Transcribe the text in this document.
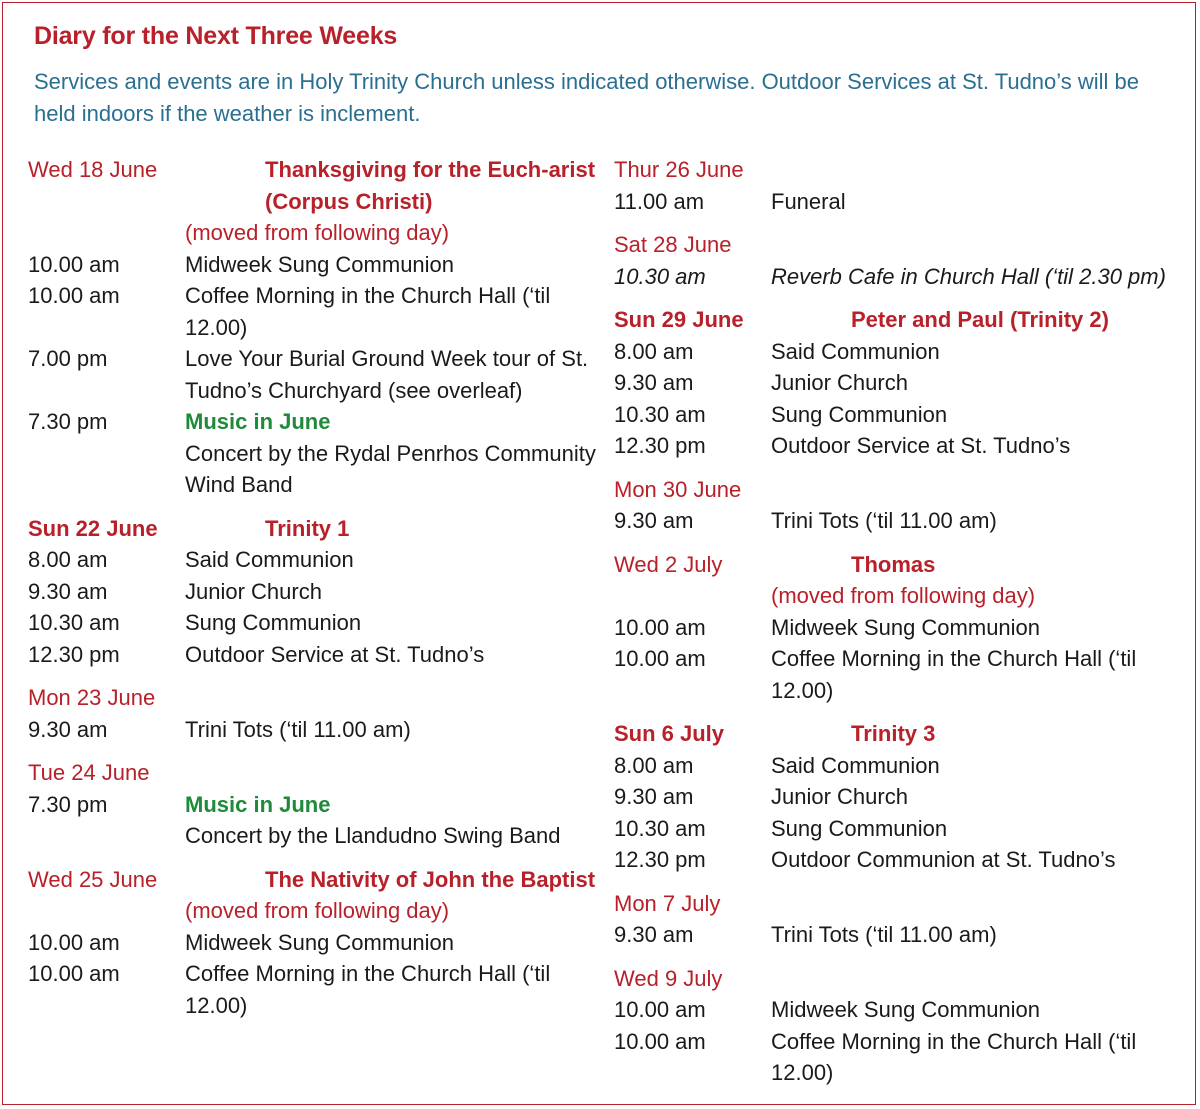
Diary for the Next Three Weeks
Services and events are in Holy Trinity Church unless indicated otherwise. Outdoor Services at St. Tudno’s will be held indoors if the weather is inclement.
Wed 18 June	Thanksgiving for the Euch-arist (Corpus Christi)
(moved from following day)
10.00 am	Midweek Sung Communion
10.00 am	Coffee Morning in the Church Hall (‘til 12.00)
7.00 pm	Love Your Burial Ground Week tour of St. Tudno’s Churchyard (see overleaf)
7.30 pm	Music in June
Concert by the Rydal Penrhos Community Wind Band
Sun 22 June	Trinity 1
8.00 am	Said Communion
9.30 am	Junior Church
10.30 am	Sung Communion
12.30 pm	Outdoor Service at St. Tudno’s
Mon 23 June
9.30 am	Trini Tots (‘til 11.00 am)
Tue 24 June
7.30 pm	Music in June
Concert by the Llandudno Swing Band
Wed 25 June	The Nativity of John the Baptist
(moved from following day)
10.00 am	Midweek Sung Communion
10.00 am	Coffee Morning in the Church Hall (‘til 12.00)
Thur 26 June
11.00 am	Funeral
Sat 28 June
10.30 am	Reverb Cafe in Church Hall (‘til 2.30 pm)
Sun 29 June	Peter and Paul (Trinity 2)
8.00 am	Said Communion
9.30 am	Junior Church
10.30 am	Sung Communion
12.30 pm	Outdoor Service at St. Tudno’s
Mon 30 June
9.30 am	Trini Tots (‘til 11.00 am)
Wed 2 July	Thomas
(moved from following day)
10.00 am	Midweek Sung Communion
10.00 am	Coffee Morning in the Church Hall (‘til 12.00)
Sun 6 July	Trinity 3
8.00 am	Said Communion
9.30 am	Junior Church
10.30 am	Sung Communion
12.30 pm	Outdoor Communion at St. Tudno’s
Mon 7 July
9.30 am	Trini Tots (‘til 11.00 am)
Wed 9 July
10.00 am	Midweek Sung Communion
10.00 am	Coffee Morning in the Church Hall (‘til 12.00)
